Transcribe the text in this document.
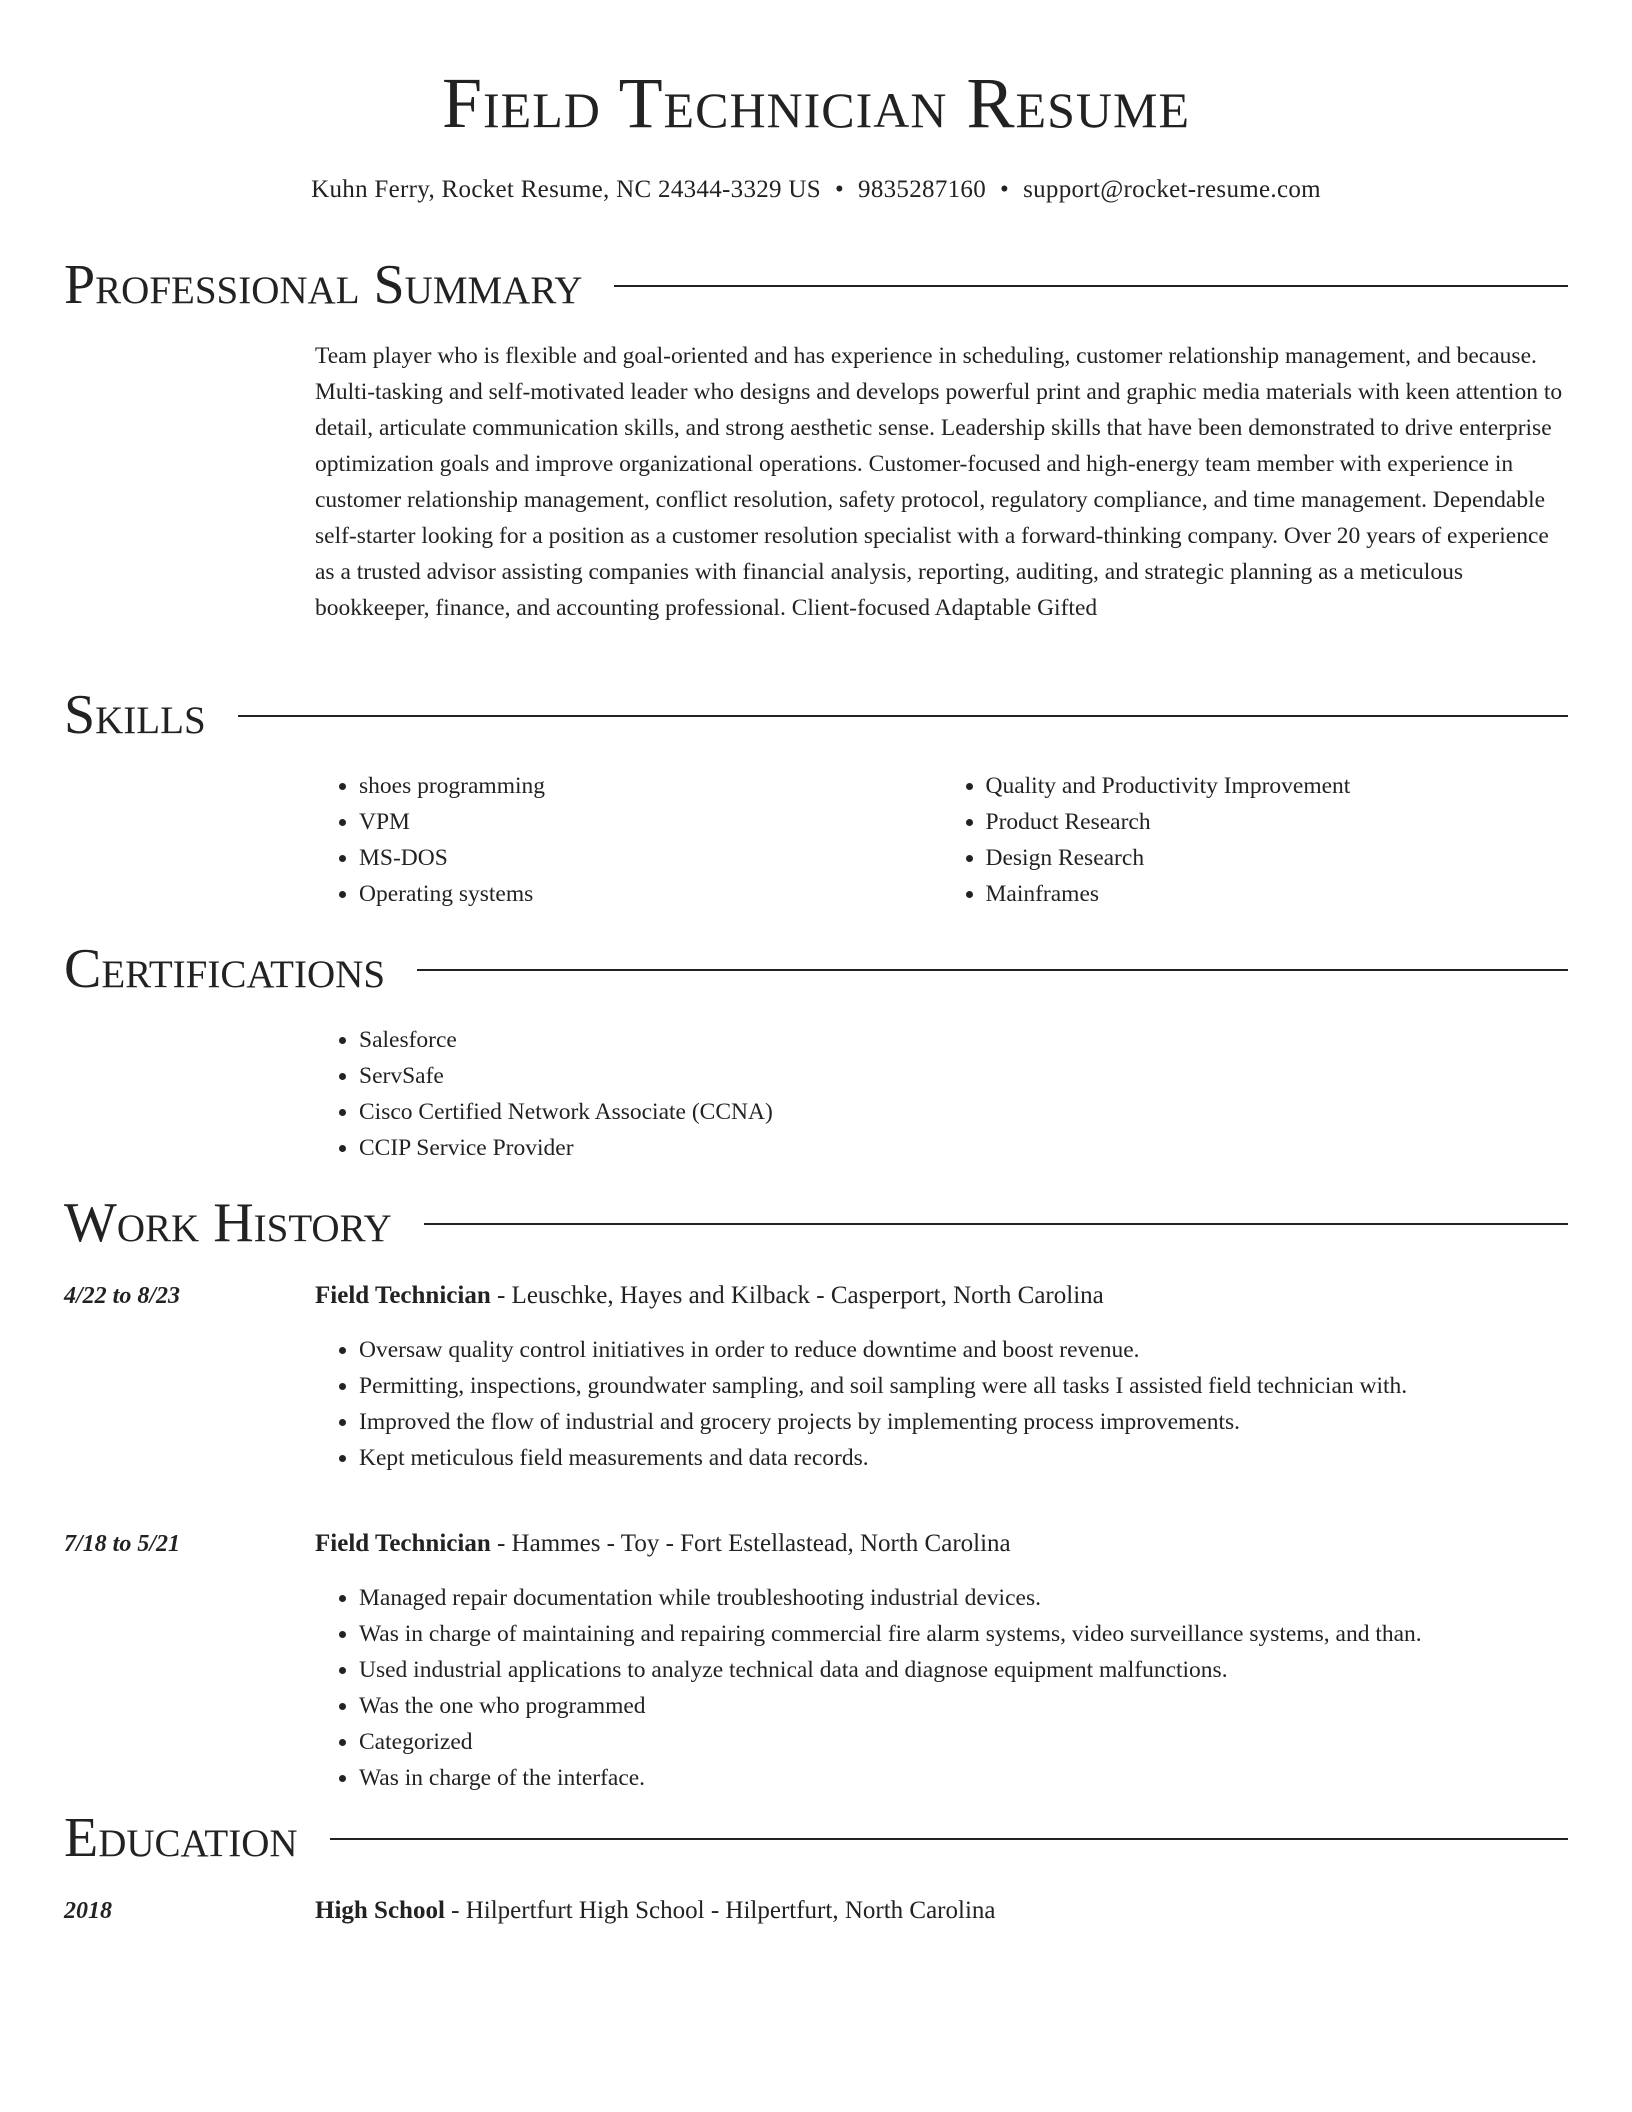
Field Technician Resume
Kuhn Ferry, Rocket Resume, NC 24344-3329 US • 9835287160 • support@rocket-resume.com
Professional Summary
Team player who is flexible and goal-oriented and has experience in scheduling, customer relationship management, and because. Multi-tasking and self-motivated leader who designs and develops powerful print and graphic media materials with keen attention to detail, articulate communication skills, and strong aesthetic sense. Leadership skills that have been demonstrated to drive enterprise optimization goals and improve organizational operations. Customer-focused and high-energy team member with experience in customer relationship management, conflict resolution, safety protocol, regulatory compliance, and time management. Dependable self-starter looking for a position as a customer resolution specialist with a forward-thinking company. Over 20 years of experience as a trusted advisor assisting companies with financial analysis, reporting, auditing, and strategic planning as a meticulous bookkeeper, finance, and accounting professional. Client-focused Adaptable Gifted
Skills
• shoes programming
• VPM
• MS-DOS
• Operating systems
• Quality and Productivity Improvement
• Product Research
• Design Research
• Mainframes
Certifications
• Salesforce
• ServSafe
• Cisco Certified Network Associate (CCNA)
• CCIP Service Provider
Work History
4/22 to 8/23	Field Technician - Leuschke, Hayes and Kilback - Casperport, North Carolina
• Oversaw quality control initiatives in order to reduce downtime and boost revenue.
• Permitting, inspections, groundwater sampling, and soil sampling were all tasks I assisted field technician with.
• Improved the flow of industrial and grocery projects by implementing process improvements.
• Kept meticulous field measurements and data records.
7/18 to 5/21	Field Technician - Hammes - Toy - Fort Estellastead, North Carolina
• Managed repair documentation while troubleshooting industrial devices.
• Was in charge of maintaining and repairing commercial fire alarm systems, video surveillance systems, and than.
• Used industrial applications to analyze technical data and diagnose equipment malfunctions.
• Was the one who programmed
• Categorized
• Was in charge of the interface.
Education
2018	High School - Hilpertfurt High School - Hilpertfurt, North Carolina
